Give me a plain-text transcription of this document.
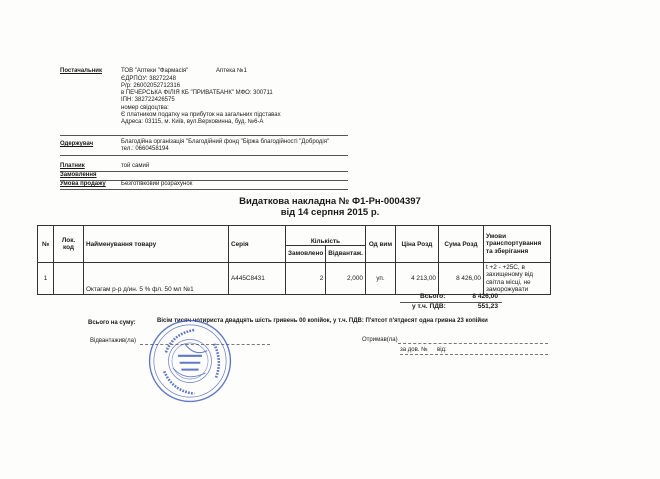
Постачальник	ТОВ "Аптеки "Фармасія"	Аптека №1
ЄДРПОУ: 38272248
Р/р: 26002052712316
в ПЕЧЕРСЬКА ФІЛІЯ КБ "ПРИВАТБАНК" МФО: 300711
ІПН: 382722426575
номер свідоцтва:
Є платником податку на прибуток на загальних підставах
Адреса: 03115, м. Київ, вул.Верховинна, буд. №6-А
Одержувач	Благодійна організація "Благодійний фонд "Біржа благодійності "Добродія"
тел.: 0660458194
Платник	той самий
Замовлення
Умова продажу	Безготівковий розрахунок
Видаткова накладна № Ф1-Рн-0004397
від 14 серпня 2015 р.
№	Лок. код	Найменування товару	Серія	Кількість		Од вим	Ціна Розд	Сума Розд	Умови транспортування та зберігання
				Замовлено	Відвантаж.				
1		Октагам р-р д/ин. 5 % фл. 50 мл №1	A445C8431	2	2,000	уп.	4 213,00	8 426,00	t +2 - +25C, в захищеному від світла місці, не заморожувати
Всього:	8 426,00
у т.ч. ПДВ:	551,23
Всього на суму:	Вісім тисяч чотириста двадцять шість гривень 00 копійок, у т.ч. ПДВ: П'ятсот п'ятдесят одна гривна 23 копійки
Відвантажив(ла)	Отримав(ла)
за дов. № від:
